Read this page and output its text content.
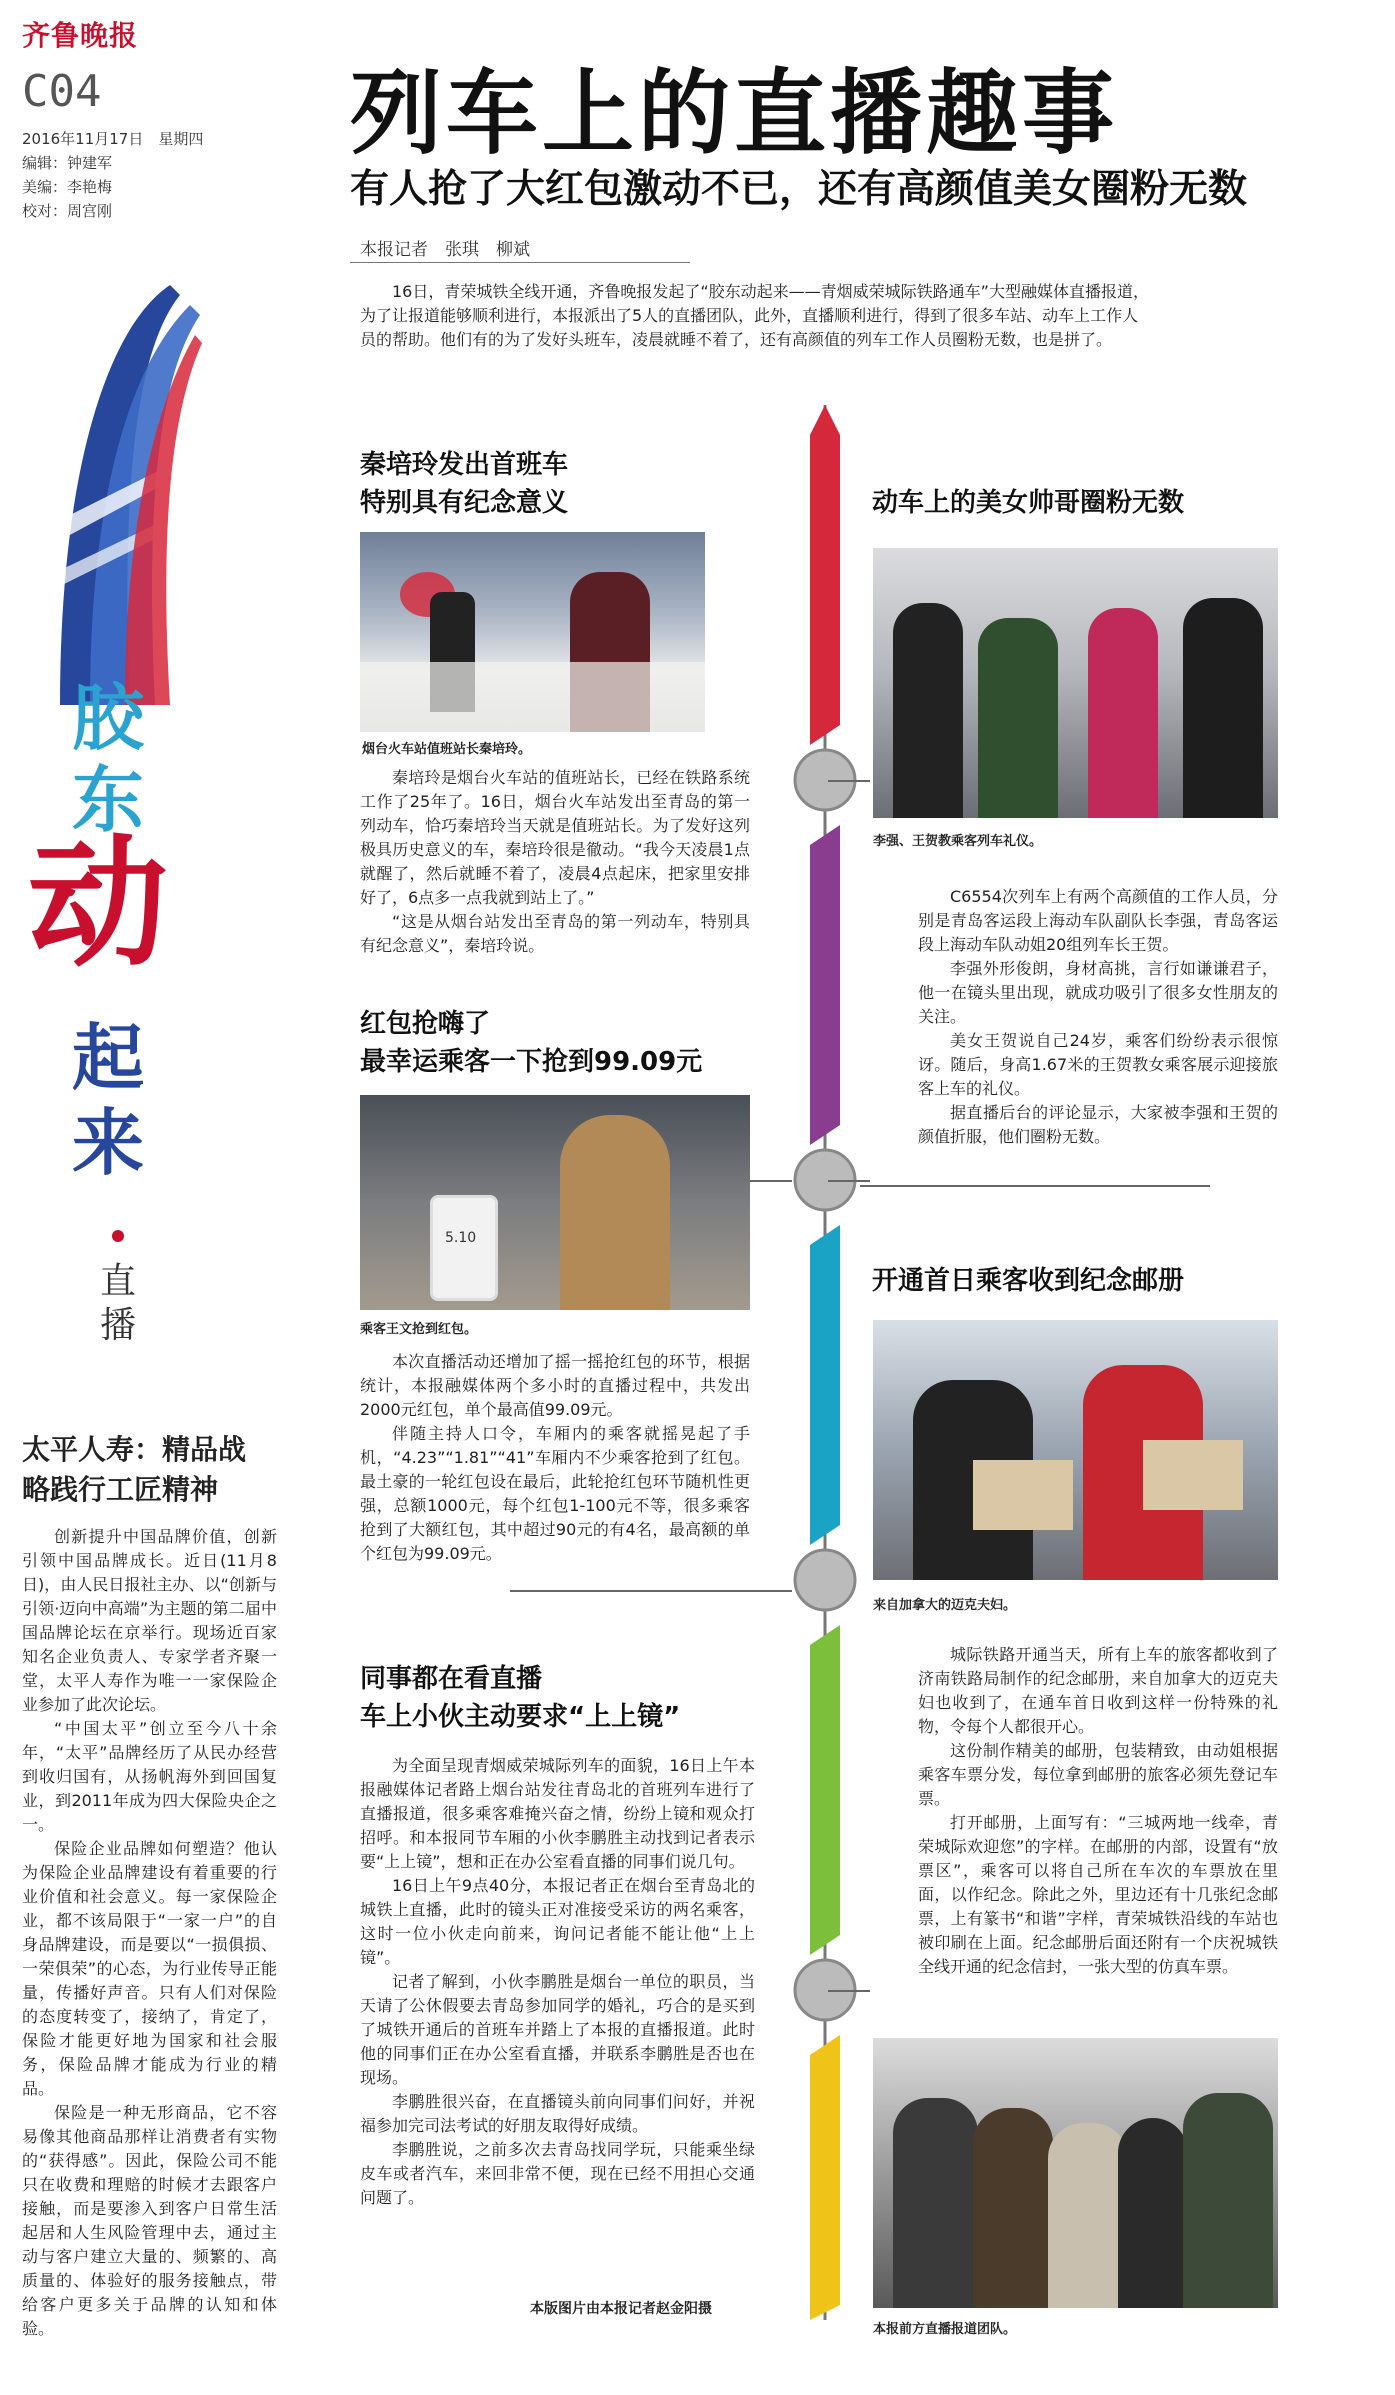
齐鲁晚报
C04
2016年11月17日　星期四
编辑：钟建军
美编：李艳梅
校对：周宫刚
胶
东
动
起
来
直播
列车上的直播趣事
有人抢了大红包激动不已，还有高颜值美女圈粉无数
本报记者　张琪　柳斌
16日，青荣城铁全线开通，齐鲁晚报发起了“胶东动起来——青烟威荣城际铁路通车”大型融媒体直播报道，为了让报道能够顺利进行，本报派出了5人的直播团队，此外，直播顺利进行，得到了很多车站、动车上工作人员的帮助。他们有的为了发好头班车，凌晨就睡不着了，还有高颜值的列车工作人员圈粉无数，也是拼了。
秦培玲发出首班车
特别具有纪念意义
烟台火车站值班站长秦培玲。

秦培玲是烟台火车站的值班站长，已经在铁路系统工作了25年了。16日，烟台火车站发出至青岛的第一列动车，恰巧秦培玲当天就是值班站长。为了发好这列极具历史意义的车，秦培玲很是徹动。“我今天凌晨1点就醒了，然后就睡不着了，凌晨4点起床，把家里安排好了，6点多一点我就到站上了。”

“这是从烟台站发出至青岛的第一列动车，特别具有纪念意义”，秦培玲说。

红包抢嗨了
最幸运乘客一下抢到99.09元
5.10
乘客王文抢到红包。

本次直播活动还增加了摇一摇抢红包的环节，根据统计，本报融媒体两个多小时的直播过程中，共发出2000元红包，单个最高值99.09元。

伴随主持人口令，车厢内的乘客就摇晃起了手机，“4.23”“1.81”“41”车厢内不少乘客抢到了红包。最土豪的一轮红包设在最后，此轮抢红包环节随机性更强，总额1000元，每个红包1-100元不等，很多乘客抢到了大额红包，其中超过90元的有4名，最高额的单个红包为99.09元。

同事都在看直播
车上小伙主动要求“上上镜”

为全面呈现青烟威荣城际列车的面貌，16日上午本报融媒体记者路上烟台站发往青岛北的首班列车进行了直播报道，很多乘客难掩兴奋之情，纷纷上镜和观众打招呼。和本报同节车厢的小伙李鹏胜主动找到记者表示要“上上镜”，想和正在办公室看直播的同事们说几句。

16日上午9点40分，本报记者正在烟台至青岛北的城铁上直播，此时的镜头正对准接受采访的两名乘客，这时一位小伙走向前来，询问记者能不能让他“上上镜”。

记者了解到，小伙李鹏胜是烟台一单位的职员，当天请了公休假要去青岛参加同学的婚礼，巧合的是买到了城铁开通后的首班车并踏上了本报的直播报道。此时他的同事们正在办公室看直播，并联系李鹏胜是否也在现场。

李鹏胜很兴奋，在直播镜头前向同事们问好，并祝福参加完司法考试的好朋友取得好成绩。

李鹏胜说，之前多次去青岛找同学玩，只能乘坐绿皮车或者汽车，来回非常不便，现在已经不用担心交通问题了。

本版图片由本报记者赵金阳摄
动车上的美女帅哥圈粉无数
李强、王贺教乘客列车礼仪。

C6554次列车上有两个高颜值的工作人员，分别是青岛客运段上海动车队副队长李强，青岛客运段上海动车队动姐20组列车长王贺。

李强外形俊朗，身材高挑，言行如谦谦君子，他一在镜头里出现，就成功吸引了很多女性朋友的关注。

美女王贺说自己24岁，乘客们纷纷表示很惊讶。随后，身高1.67米的王贺教女乘客展示迎接旅客上车的礼仪。

据直播后台的评论显示，大家被李强和王贺的颜值折服，他们圈粉无数。

开通首日乘客收到纪念邮册
来自加拿大的迈克夫妇。

城际铁路开通当天，所有上车的旅客都收到了济南铁路局制作的纪念邮册，来自加拿大的迈克夫妇也收到了，在通车首日收到这样一份特殊的礼物，令每个人都很开心。

这份制作精美的邮册，包装精致，由动姐根据乘客车票分发，每位拿到邮册的旅客必须先登记车票。

打开邮册，上面写有：“三城两地一线牵，青荣城际欢迎您”的字样。在邮册的内部，设置有“放票区”，乘客可以将自己所在车次的车票放在里面，以作纪念。除此之外，里边还有十几张纪念邮票，上有篆书“和谐”字样，青荣城铁沿线的车站也被印刷在上面。纪念邮册后面还附有一个庆祝城铁全线开通的纪念信封，一张大型的仿真车票。

本报前方直播报道团队。
太平人寿：精品战
略践行工匠精神

创新提升中国品牌价值，创新引领中国品牌成长。近日(11月8日)，由人民日报社主办、以“创新与引领·迈向中高端”为主题的第二届中国品牌论坛在京举行。现场近百家知名企业负责人、专家学者齐聚一堂，太平人寿作为唯一一家保险企业参加了此次论坛。

“中国太平”创立至今八十余年，“太平”品牌经历了从民办经营到收归国有，从扬帆海外到回国复业，到2011年成为四大保险央企之一。

保险企业品牌如何塑造？他认为保险企业品牌建设有着重要的行业价值和社会意义。每一家保险企业，都不该局限于“一家一户”的自身品牌建设，而是要以“一损俱损、一荣俱荣”的心态，为行业传导正能量，传播好声音。只有人们对保险的态度转变了，接纳了，肯定了，保险才能更好地为国家和社会服务，保险品牌才能成为行业的精品。

保险是一种无形商品，它不容易像其他商品那样让消费者有实物的“获得感”。因此，保险公司不能只在收费和理赔的时候才去跟客户接触，而是要渗入到客户日常生活起居和人生风险管理中去，通过主动与客户建立大量的、频繁的、高质量的、体验好的服务接触点，带给客户更多关于品牌的认知和体验。
